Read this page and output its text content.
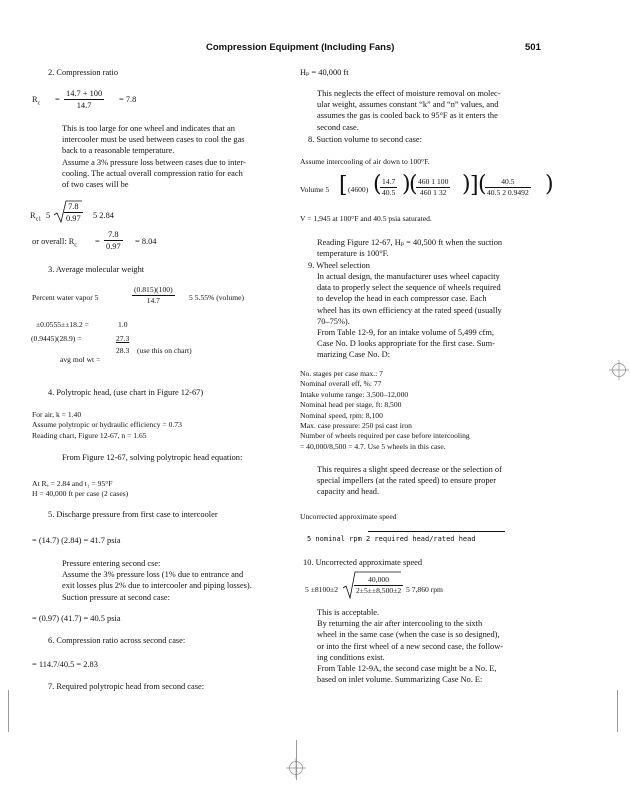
Compression Equipment (Including Fans)	501
2. Compression ratio
$R_c = \frac{14.7 + 100}{14.7} = 7.8$
This is too large for one wheel and indicates that an
intercooler must be used between cases to cool the gas
back to a reasonable temperature.
Assume a 3% pressure loss between cases due to inter-
cooling. The actual overall compression ratio for each
of two cases will be
$R_{c1}$ $5 \frac{7.8}{0.97} 5$ 2.84
or overall: $R_c = \frac{7.8}{0.97} = 8.04$
3. Average molecular weight
Percent water vapor 5	$\frac{(0.815)(100)}{14.7} 5$ 5.55% (volume)
±0.0555±±18.2 =	1.0
(0.9445)(28.9) =	27.3
28.3 (use this on chart)
avg mol wt =
4. Polytropic head, (use chart in Figure 12-67)
For air, k = 1.40
Assume polytropic or hydraulic efficiency = 0.73
Reading chart, Figure 12-67, n = 1.65
From Figure 12-67, solving polytropic head equation:
At Rₐ = 2.84 and t₁ = 95°F
H = 40,000 ft per case (2 cases)
5. Discharge pressure from first case to intercooler
= (14.7) (2.84) = 41.7 psia
Pressure entering second cse:
Assume the 3% pressure loss (1% due to entrance and
exit losses plus 2% due to intercooler and piping losses).
Suction pressure at second case:
= (0.97) (41.7) = 40.5 psia
6. Compression ratio across second case:
= 114.7/40.5 = 2.83
7. Required polytropic head from second case:
Hₚ = 40,000 ft
This neglects the effect of moisture removal on molec-
ular weight, assumes constant “k” and “n” values, and
assumes the gas is cooled back to 95°F as it enters the
second case.
8. Suction volume to second case:
Assume intercooling of air down to 100°F.
Volume 5 [ (4600) (
$\frac{14.7}{40.5}$ )
(
$\frac{460 1 100}{460 1 32}$ ) ] (
$\frac{40.5}{40.5 2 0.9492}$ )
V = 1,945 at 100°F and 40.5 psia saturated.
Reading Figure 12-67, Hₚ = 40,500 ft when the suction
temperature is 100°F.
9. Wheel selection
In actual design, the manufacturer uses wheel capacity
data to properly select the sequence of wheels required
to develop the head in each compressor case. Each
wheel has its own efficiency at the rated speed (usually
70–75%).
From Table 12-9, for an intake volume of 5,499 cfm,
Case No. D looks appropriate for the first case. Sum-
marizing Case No. D:
No. stages per case max.: 7
Nominal overall eff, %: 77
Intake volume range: 3,500–12,000
Nominal head per stage, ft: 8,500
Nominal speed, rpm: 8,100
Max. case pressure: 250 psi cast iron
Number of wheels required per case before intercooling
= 40,000/8,500 = 4.7. Use 5 wheels in this case.
This requires a slight speed decrease or the selection of
special impellers (at the rated speed) to ensure proper
capacity and head.
Uncorrected approximate speed
5 nominal rpm 2 required head/rated head
10. Uncorrected approximate speed
$5 \pm 8100\pm 2 \frac{40,000}{2\pm 5\pm\pm 8,500\pm 2} 5$ 7,860 rpm
This is acceptable.
By returning the air after intercooling to the sixth
wheel in the same case (when the case is so designed),
or into the first wheel of a new second case, the follow-
ing conditions exist.
From Table 12-9A, the second case might be a No. E,
based on inlet volume. Summarizing Case No. E:
